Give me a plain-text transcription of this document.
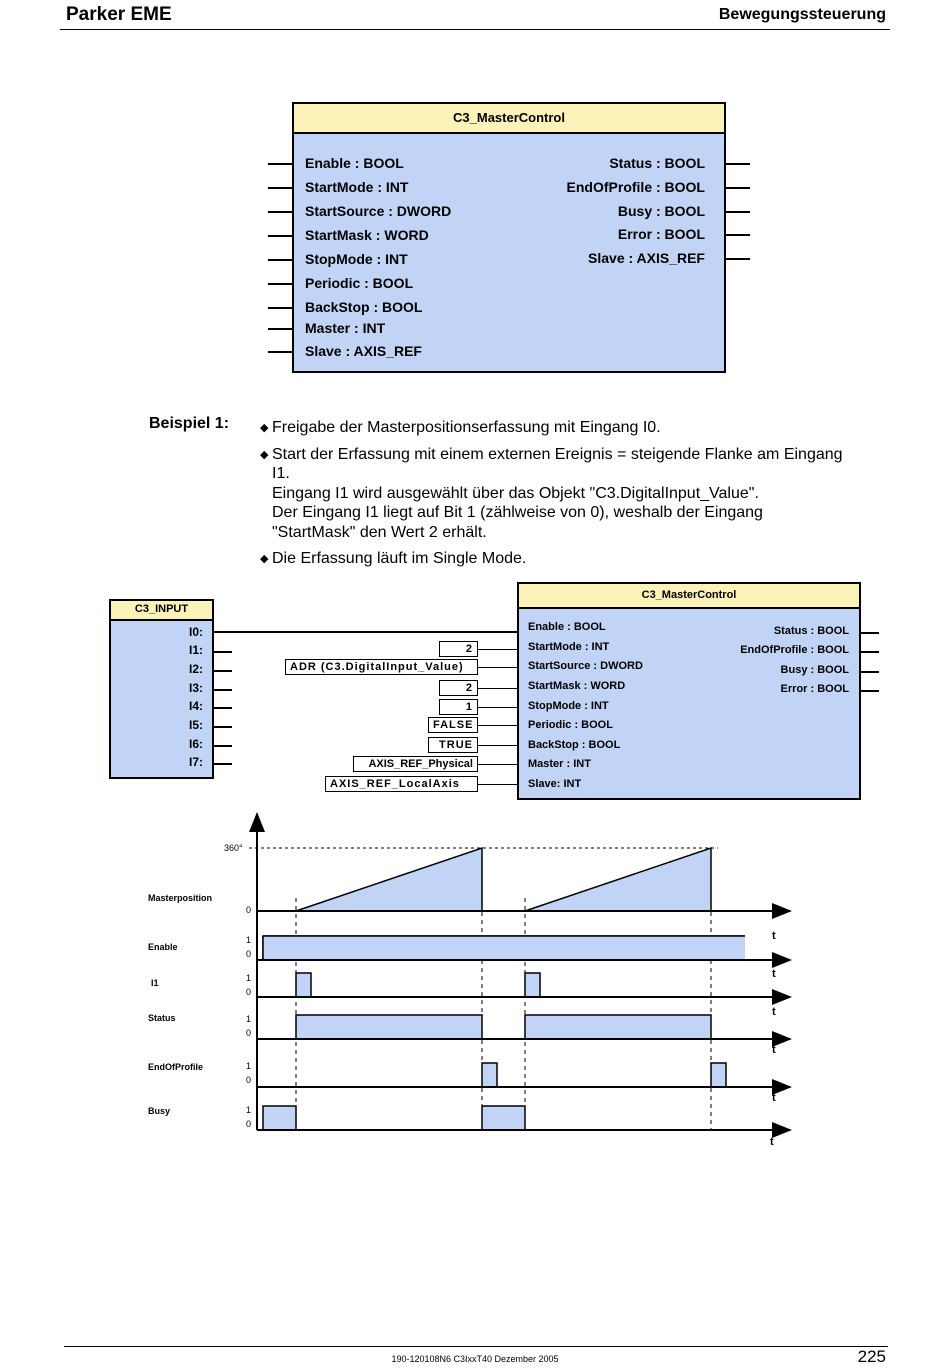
Parker EME	Bewegungssteuerung
C3_MasterControl
Enable : BOOL
StartMode : INT
StartSource : DWORD
StartMask : WORD
StopMode : INT
Periodic : BOOL
BackStop : BOOL
Master : INT
Slave : AXIS_REF
Status : BOOL
EndOfProfile : BOOL
Busy : BOOL
Error : BOOL
Slave : AXIS_REF
Beispiel 1:	◆ Freigabe der Masterpositionserfassung mit Eingang I0.
◆ Start der Erfassung mit einem externen Ereignis = steigende Flanke am Eingang
I1.
Eingang I1 wird ausgewählt über das Objekt "C3.DigitalInput_Value".
Der Eingang I1 liegt auf Bit 1 (zählweise von 0), weshalb der Eingang
"StartMask" den Wert 2 erhält.
◆ Die Erfassung läuft im Single Mode.
C3_INPUT
I0:
I1:
I2:
I3:
I4:
I5:
I6:
I7:
2
ADR (C3.DigitalInput_Value)
2
1
FALSE
TRUE
AXIS_REF_Physical
AXIS_REF_LocalAxis
C3_MasterControl
Enable : BOOL
StartMode : INT
StartSource : DWORD
StartMask : WORD
StopMode : INT
Periodic : BOOL
BackStop : BOOL
Master : INT
Slave: INT
Status : BOOL
EndOfProfile : BOOL
Busy : BOOL
Error : BOOL
360°
Masterposition
Enable
I1
Status
EndOfProfile
Busy
0
1
0
1
0
1
0
1
0
1
0
t
t
t
t
t
t
190-120108N6 C3IxxT40 Dezember 2005	225
